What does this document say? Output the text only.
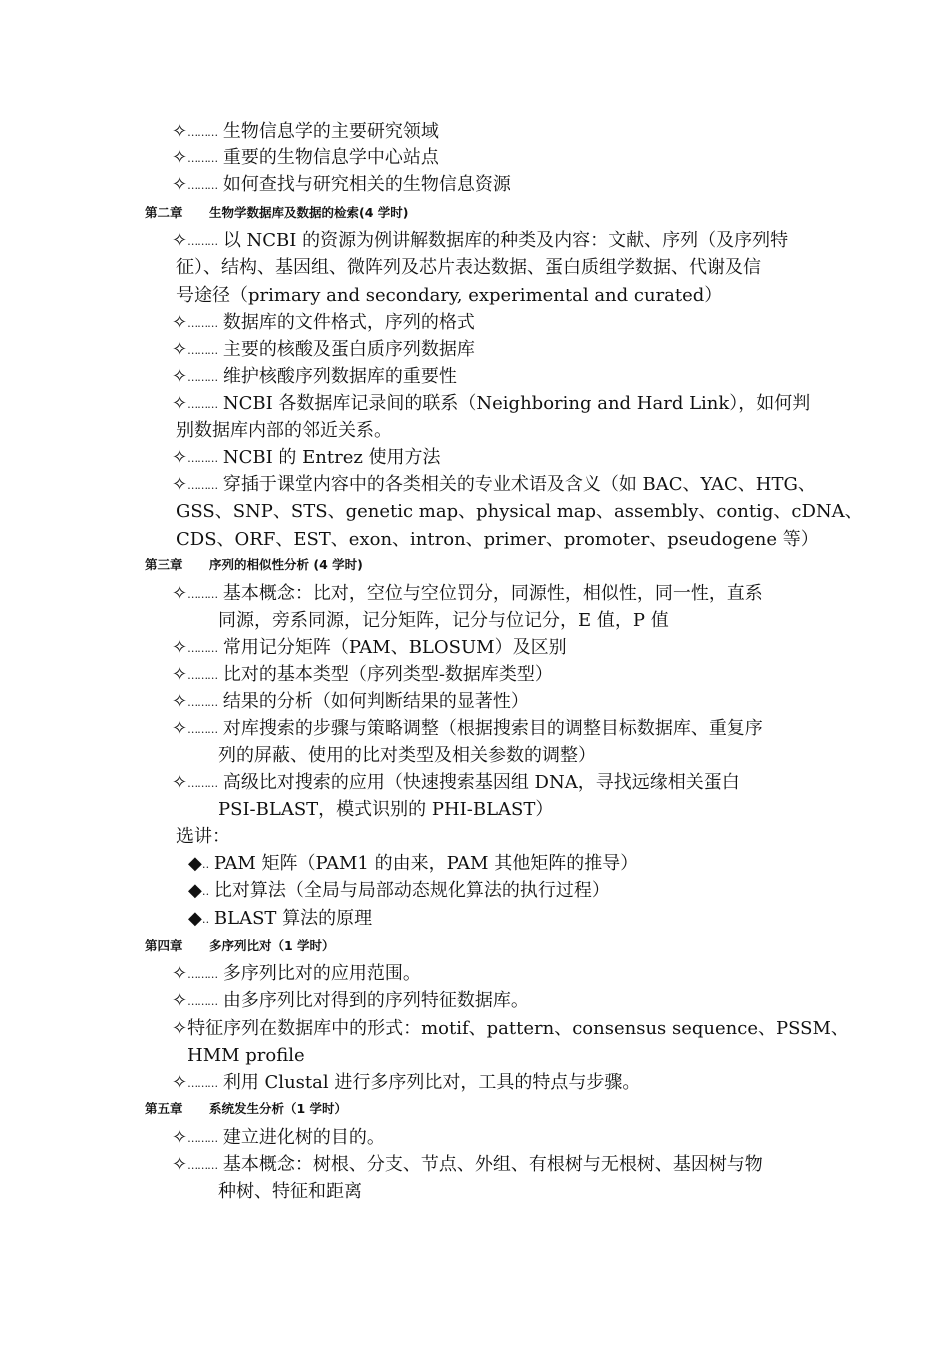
✧……… 生物信息学的主要研究领域
✧……… 重要的生物信息学中心站点
✧……… 如何查找与研究相关的生物信息资源
第二章 生物学数据库及数据的检索(4 学时)
✧……… 以 NCBI 的资源为例讲解数据库的种类及内容：文献、序列（及序列特
征）、结构、基因组、微阵列及芯片表达数据、蛋白质组学数据、代谢及信
号途径（primary and secondary, experimental and curated）
✧……… 数据库的文件格式，序列的格式
✧……… 主要的核酸及蛋白质序列数据库
✧……… 维护核酸序列数据库的重要性
✧……… NCBI 各数据库记录间的联系（Neighboring and Hard Link），如何判
别数据库内部的邻近关系。
✧……… NCBI 的 Entrez 使用方法
✧……… 穿插于课堂内容中的各类相关的专业术语及含义（如 BAC、YAC、HTG、
GSS、SNP、STS、genetic map、physical map、assembly、contig、cDNA、
CDS、ORF、EST、exon、intron、primer、promoter、pseudogene 等）
第三章 序列的相似性分析 (4 学时)
✧……… 基本概念：比对，空位与空位罚分，同源性，相似性，同一性，直系
同源，旁系同源，记分矩阵，记分与位记分，E 值，P 值
✧……… 常用记分矩阵（PAM、BLOSUM）及区别
✧……… 比对的基本类型（序列类型-数据库类型）
✧……… 结果的分析（如何判断结果的显著性）
✧……… 对库搜索的步骤与策略调整（根据搜索目的调整目标数据库、重复序
列的屏蔽、使用的比对类型及相关参数的调整）
✧……… 高级比对搜索的应用（快速搜索基因组 DNA，寻找远缘相关蛋白
PSI-BLAST，模式识别的 PHI-BLAST）
选讲：
◆‥ PAM 矩阵（PAM1 的由来，PAM 其他矩阵的推导）
◆‥ 比对算法（全局与局部动态规化算法的执行过程）
◆‥ BLAST 算法的原理
第四章 多序列比对（1 学时）
✧……… 多序列比对的应用范围。
✧……… 由多序列比对得到的序列特征数据库。
✧特征序列在数据库中的形式：motif、pattern、consensus sequence、PSSM、
HMM profile
✧……… 利用 Clustal 进行多序列比对，工具的特点与步骤。
第五章 系统发生分析（1 学时）
✧……… 建立进化树的目的。
✧……… 基本概念：树根、分支、节点、外组、有根树与无根树、基因树与物
种树、特征和距离
